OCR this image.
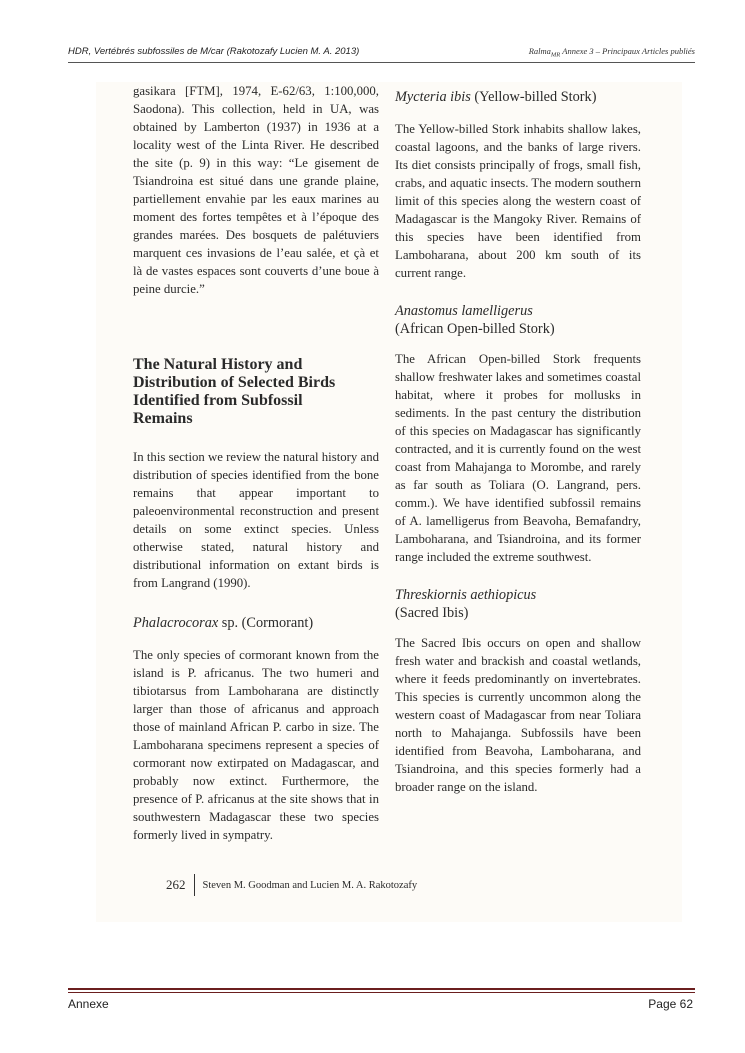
HDR, Vertébrés subfossiles de M/car (Rakotozafy Lucien M. A. 2013)	Ralma$_{MR}$ Annexe 3 – Principaux Articles publiés

gasikara [FTM], 1974, E-62/63, 1:100,000, Saodona). This collection, held in UA, was obtained by Lamberton (1937) in 1936 at a locality west of the Linta River. He described the site (p. 9) in this way: “Le gisement de Tsiandroina est situé dans une grande plaine, partiellement envahie par les eaux marines au moment des fortes tempêtes et à l’époque des grandes marées. Des bosquets de palétuviers marquent ces invasions de l’eau salée, et çà et là de vastes espaces sont couverts d’une boue à peine durcie.”

The Natural History and
Distribution of Selected Birds
Identified from Subfossil
Remains

In this section we review the natural history and distribution of species identified from the bone remains that appear important to paleoenvironmental reconstruction and present details on some extinct species. Unless otherwise stated, natural history and distributional information on extant birds is from Langrand (1990).

Phalacrocorax sp. (Cormorant)

The only species of cormorant known from the island is P. africanus. The two humeri and tibiotarsus from Lamboharana are distinctly larger than those of africanus and approach those of mainland African P. carbo in size. The Lamboharana specimens represent a species of cormorant now extirpated on Madagascar, and probably now extinct. Furthermore, the presence of P. africanus at the site shows that in southwestern Madagascar these two species formerly lived in sympatry.

Mycteria ibis (Yellow-billed Stork)

The Yellow-billed Stork inhabits shallow lakes, coastal lagoons, and the banks of large rivers. Its diet consists principally of frogs, small fish, crabs, and aquatic insects. The modern southern limit of this species along the western coast of Madagascar is the Mangoky River. Remains of this species have been identified from Lamboharana, about 200 km south of its current range.

Anastomus lamelligerus
(African Open-billed Stork)

The African Open-billed Stork frequents shallow freshwater lakes and sometimes coastal habitat, where it probes for mollusks in sediments. In the past century the distribution of this species on Madagascar has significantly contracted, and it is currently found on the west coast from Mahajanga to Morombe, and rarely as far south as Toliara (O. Langrand, pers. comm.). We have identified subfossil remains of A. lamelligerus from Beavoha, Bemafandry, Lamboharana, and Tsiandroina, and its former range included the extreme southwest.

Threskiornis aethiopicus
(Sacred Ibis)

The Sacred Ibis occurs on open and shallow fresh water and brackish and coastal wetlands, where it feeds predominantly on invertebrates. This species is currently uncommon along the western coast of Madagascar from near Toliara north to Mahajanga. Subfossils have been identified from Beavoha, Lamboharana, and Tsiandroina, and this species formerly had a broader range on the island.

262	Steven M. Goodman and Lucien M. A. Rakotozafy
Annexe	Page 62
